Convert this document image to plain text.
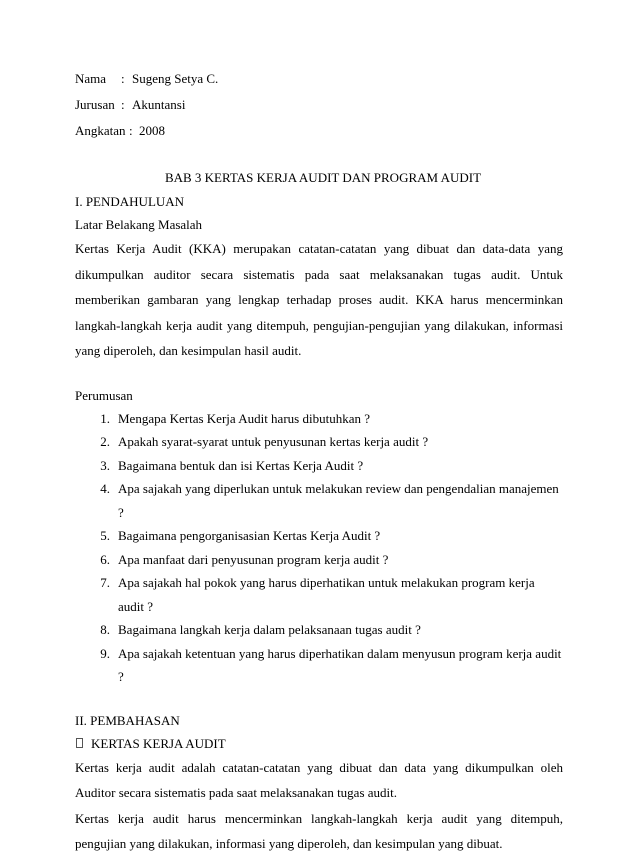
Nama	: Sugeng Setya C.
Jurusan : Akuntansi
Angkatan : 2008
BAB 3 KERTAS KERJA AUDIT DAN PROGRAM AUDIT
I. PENDAHULUAN
Latar Belakang Masalah

Kertas Kerja Audit (KKA) merupakan catatan-catatan yang dibuat dan data-data yang dikumpulkan auditor secara sistematis pada saat melaksanakan tugas audit. Untuk memberikan gambaran yang lengkap terhadap proses audit. KKA harus mencerminkan langkah-langkah kerja audit yang ditempuh, pengujian-pengujian yang dilakukan, informasi yang diperoleh, dan kesimpulan hasil audit.

Perumusan
1. Mengapa Kertas Kerja Audit harus dibutuhkan ?
2. Apakah syarat-syarat untuk penyusunan kertas kerja audit ?
3. Bagaimana bentuk dan isi Kertas Kerja Audit ?
4. Apa sajakah yang diperlukan untuk melakukan review dan pengendalian manajemen ?
5. Bagaimana pengorganisasian Kertas Kerja Audit ?
6. Apa manfaat dari penyusunan program kerja audit ?
7. Apa sajakah hal pokok yang harus diperhatikan untuk melakukan program kerja audit ?
8. Bagaimana langkah kerja dalam pelaksanaan tugas audit ?
9. Apa sajakah ketentuan yang harus diperhatikan dalam menyusun program kerja audit ?
II. PEMBAHASAN
KERTAS KERJA AUDIT

Kertas kerja audit adalah catatan-catatan yang dibuat dan data yang dikumpulkan oleh Auditor secara sistematis pada saat melaksanakan tugas audit.

Kertas kerja audit harus mencerminkan langkah-langkah kerja audit yang ditempuh, pengujian yang dilakukan, informasi yang diperoleh, dan kesimpulan yang dibuat.
